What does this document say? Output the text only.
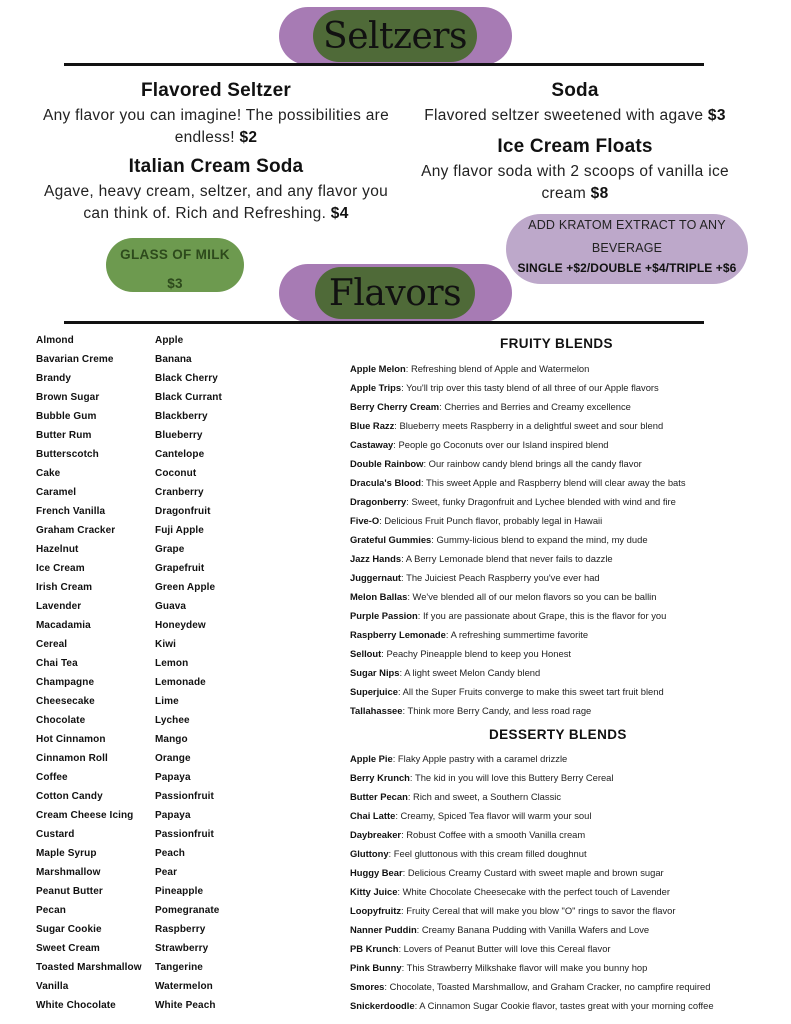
Seltzers
Flavored Seltzer

Any flavor you can imagine! The possibilities are endless! $2

Italian Cream Soda

Agave, heavy cream, seltzer, and any flavor you can think of. Rich and Refreshing. $4

Soda

Flavored seltzer sweetened with agave $3

Ice Cream Floats

Any flavor soda with 2 scoops of vanilla ice cream $8

GLASS OF MILK
$3
ADD KRATOM EXTRACT TO ANY
BEVERAGE
SINGLE +$2/DOUBLE +$4/TRIPLE +$6
Flavors
Almond
Bavarian Creme
Brandy
Brown Sugar
Bubble Gum
Butter Rum
Butterscotch
Cake
Caramel
French Vanilla
Graham Cracker
Hazelnut
Ice Cream
Irish Cream
Lavender
Macadamia
Cereal
Chai Tea
Champagne
Cheesecake
Chocolate
Hot Cinnamon
Cinnamon Roll
Coffee
Cotton Candy
Cream Cheese Icing
Custard
Maple Syrup
Marshmallow
Peanut Butter
Pecan
Sugar Cookie
Sweet Cream
Toasted Marshmallow
Vanilla
White Chocolate
Apple
Banana
Black Cherry
Black Currant
Blackberry
Blueberry
Cantelope
Coconut
Cranberry
Dragonfruit
Fuji Apple
Grape
Grapefruit
Green Apple
Guava
Honeydew
Kiwi
Lemon
Lemonade
Lime
Lychee
Mango
Orange
Papaya
Passionfruit
Papaya
Passionfruit
Peach
Pear
Pineapple
Pomegranate
Raspberry
Strawberry
Tangerine
Watermelon
White Peach
FRUITY BLENDS
Apple Melon: Refreshing blend of Apple and Watermelon
Apple Trips: You'll trip over this tasty blend of all three of our Apple flavors
Berry Cherry Cream: Cherries and Berries and Creamy excellence
Blue Razz: Blueberry meets Raspberry in a delightful sweet and sour blend
Castaway: People go Coconuts over our Island inspired blend
Double Rainbow: Our rainbow candy blend brings all the candy flavor
Dracula's Blood: This sweet Apple and Raspberry blend will clear away the bats
Dragonberry: Sweet, funky Dragonfruit and Lychee blended with wind and fire
Five-O: Delicious Fruit Punch flavor, probably legal in Hawaii
Grateful Gummies: Gummy-licious blend to expand the mind, my dude
Jazz Hands: A Berry Lemonade blend that never fails to dazzle
Juggernaut: The Juiciest Peach Raspberry you've ever had
Melon Ballas: We've blended all of our melon flavors so you can be ballin
Purple Passion: If you are passionate about Grape, this is the flavor for you
Raspberry Lemonade: A refreshing summertime favorite
Sellout: Peachy Pineapple blend to keep you Honest
Sugar Nips: A light sweet Melon Candy blend
Superjuice: All the Super Fruits converge to make this sweet tart fruit blend
Tallahassee: Think more Berry Candy, and less road rage
DESSERTY BLENDS
Apple Pie: Flaky Apple pastry with a caramel drizzle
Berry Krunch: The kid in you will love this Buttery Berry Cereal
Butter Pecan: Rich and sweet, a Southern Classic
Chai Latte: Creamy, Spiced Tea flavor will warm your soul
Daybreaker: Robust Coffee with a smooth Vanilla cream
Gluttony: Feel gluttonous with this cream filled doughnut
Huggy Bear: Delicious Creamy Custard with sweet maple and brown sugar
Kitty Juice: White Chocolate Cheesecake with the perfect touch of Lavender
Loopyfruitz: Fruity Cereal that will make you blow "O" rings to savor the flavor
Nanner Puddin: Creamy Banana Pudding with Vanilla Wafers and Love
PB Krunch: Lovers of Peanut Butter will love this Cereal flavor
Pink Bunny: This Strawberry Milkshake flavor will make you bunny hop
Smores: Chocolate, Toasted Marshmallow, and Graham Cracker, no campfire required
Snickerdoodle: A Cinnamon Sugar Cookie flavor, tastes great with your morning coffee
